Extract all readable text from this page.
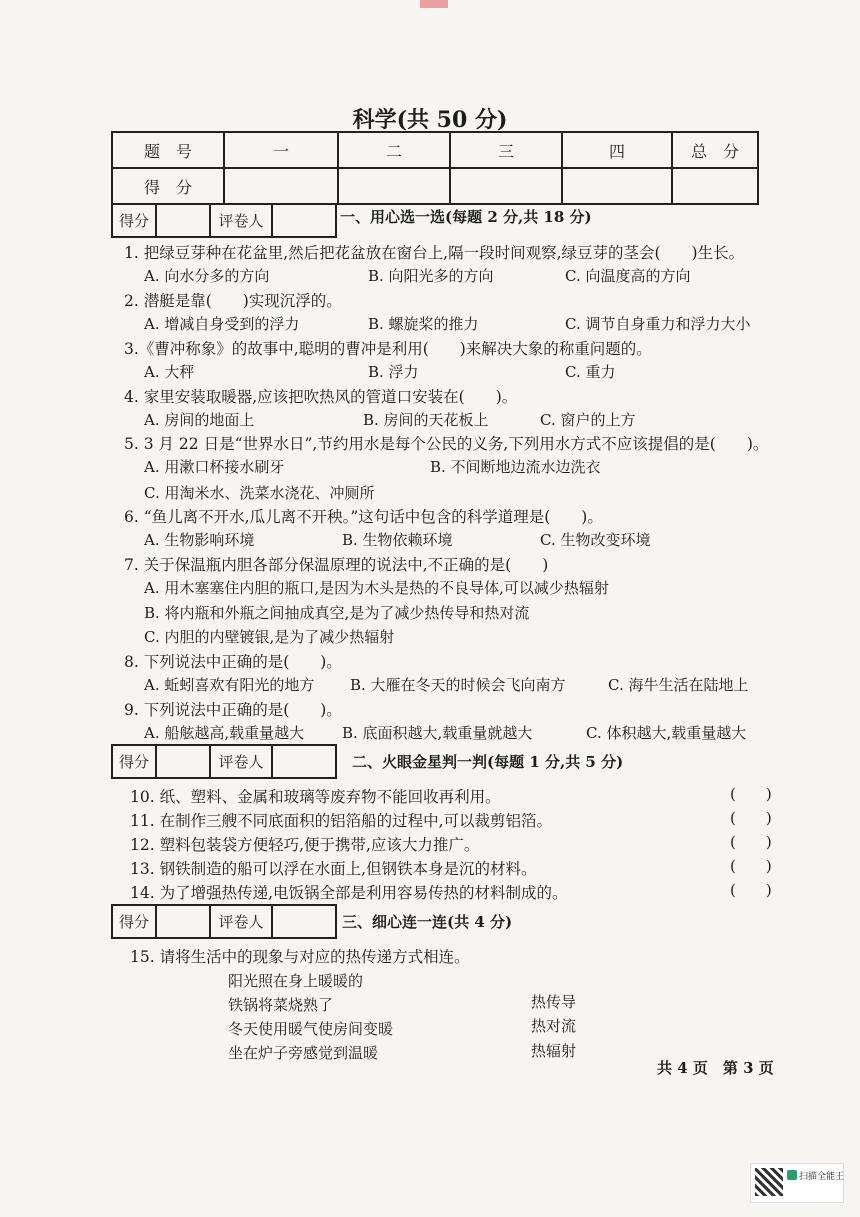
科学(共 50 分)
题　号	一	二	三	四	总　分
得　分					
得分	评卷人	一、用心选一选(每题 2 分,共 18 分)
1. 把绿豆芽种在花盆里,然后把花盆放在窗台上,隔一段时间观察,绿豆芽的茎会(　　)生长。
A. 向水分多的方向	B. 向阳光多的方向	C. 向温度高的方向
2. 潜艇是靠(　　)实现沉浮的。
A. 增减自身受到的浮力	B. 螺旋桨的推力	C. 调节自身重力和浮力大小
3.《曹冲称象》的故事中,聪明的曹冲是利用(　　)来解决大象的称重问题的。
A. 大秤	B. 浮力	C. 重力
4. 家里安装取暖器,应该把吹热风的管道口安装在(　　)。
A. 房间的地面上	B. 房间的天花板上	C. 窗户的上方
5. 3 月 22 日是“世界水日”,节约用水是每个公民的义务,下列用水方式不应该提倡的是(　　)。
A. 用漱口杯接水刷牙	B. 不间断地边流水边洗衣
C. 用淘米水、洗菜水浇花、冲厕所
6. “鱼儿离不开水,瓜儿离不开秧。”这句话中包含的科学道理是(　　)。
A. 生物影响环境	B. 生物依赖环境	C. 生物改变环境
7. 关于保温瓶内胆各部分保温原理的说法中,不正确的是(　　)
A. 用木塞塞住内胆的瓶口,是因为木头是热的不良导体,可以减少热辐射
B. 将内瓶和外瓶之间抽成真空,是为了减少热传导和热对流
C. 内胆的内壁镀银,是为了减少热辐射
8. 下列说法中正确的是(　　)。
A. 蚯蚓喜欢有阳光的地方 B. 大雁在冬天的时候会飞向南方	C. 海牛生活在陆地上
9. 下列说法中正确的是(　　)。
A. 船舷越高,载重量越大	B. 底面积越大,载重量就越大	C. 体积越大,载重量越大
得分	评卷人	二、火眼金星判一判(每题 1 分,共 5 分)
10. 纸、塑料、金属和玻璃等废弃物不能回收再利用。	(　　)
11. 在制作三艘不同底面积的铝箔船的过程中,可以裁剪铝箔。	(　　)
12. 塑料包装袋方便轻巧,便于携带,应该大力推广。	(　　)
13. 钢铁制造的船可以浮在水面上,但钢铁本身是沉的材料。	(　　)
14. 为了增强热传递,电饭锅全部是利用容易传热的材料制成的。	(　　)
得分	评卷人	三、细心连一连(共 4 分)
15. 请将生活中的现象与对应的热传递方式相连。
阳光照在身上暖暖的
铁锅将菜烧熟了
冬天使用暖气使房间变暖
坐在炉子旁感觉到温暖
热传导
热对流
热辐射
共 4 页　第 3 页
扫描全能王
